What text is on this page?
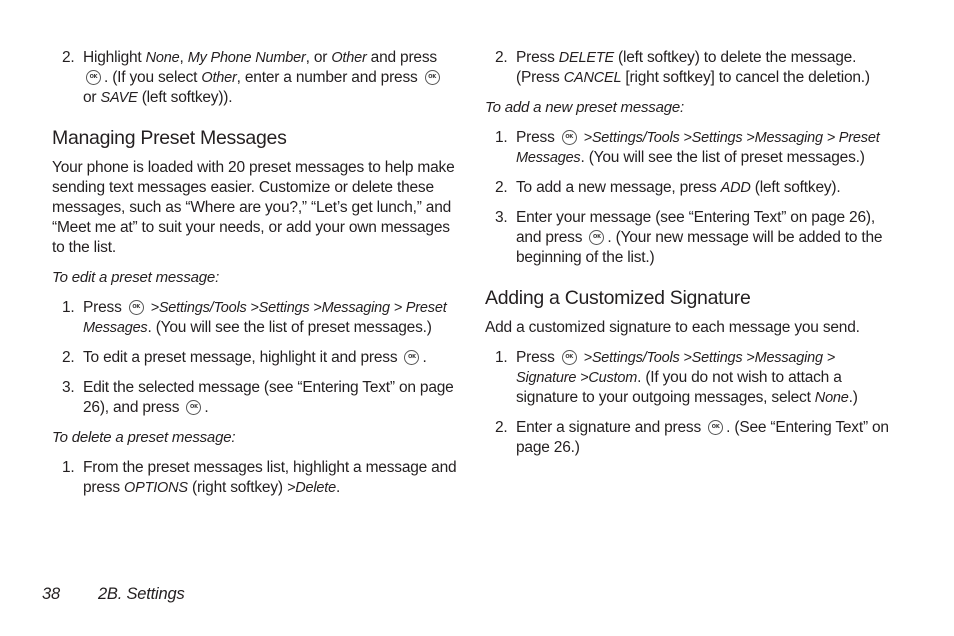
2. Highlight None, My Phone Number, or Other and press OK. (If you select Other, enter a number and press OK or SAVE (left softkey)).

Managing Preset Messages

Your phone is loaded with 20 preset messages to help make sending text messages easier. Customize or delete these messages, such as “Where are you?,” “Let’s get lunch,” and “Meet me at” to suit your needs, or add your own messages to the list.

To edit a preset message:

1. Press OK >Settings/Tools >Settings >Messaging > Preset Messages. (You will see the list of preset messages.)
2. To edit a preset message, highlight it and press OK.
3. Edit the selected message (see “Entering Text” on page 26), and press OK.

To delete a preset message:

1. From the preset messages list, highlight a message and press OPTIONS (right softkey) >Delete.
2. Press DELETE (left softkey) to delete the message. (Press CANCEL [right softkey] to cancel the deletion.)

To add a new preset message:

1. Press OK >Settings/Tools >Settings >Messaging > Preset Messages. (You will see the list of preset messages.)
2. To add a new message, press ADD (left softkey).
3. Enter your message (see “Entering Text” on page 26), and press OK. (Your new message will be added to the beginning of the list.)

Adding a Customized Signature

Add a customized signature to each message you send.

1. Press OK >Settings/Tools >Settings >Messaging > Signature >Custom. (If you do not wish to attach a signature to your outgoing messages, select None.)
2. Enter a signature and press OK. (See “Entering Text” on page 26.)
38 2B. Settings
